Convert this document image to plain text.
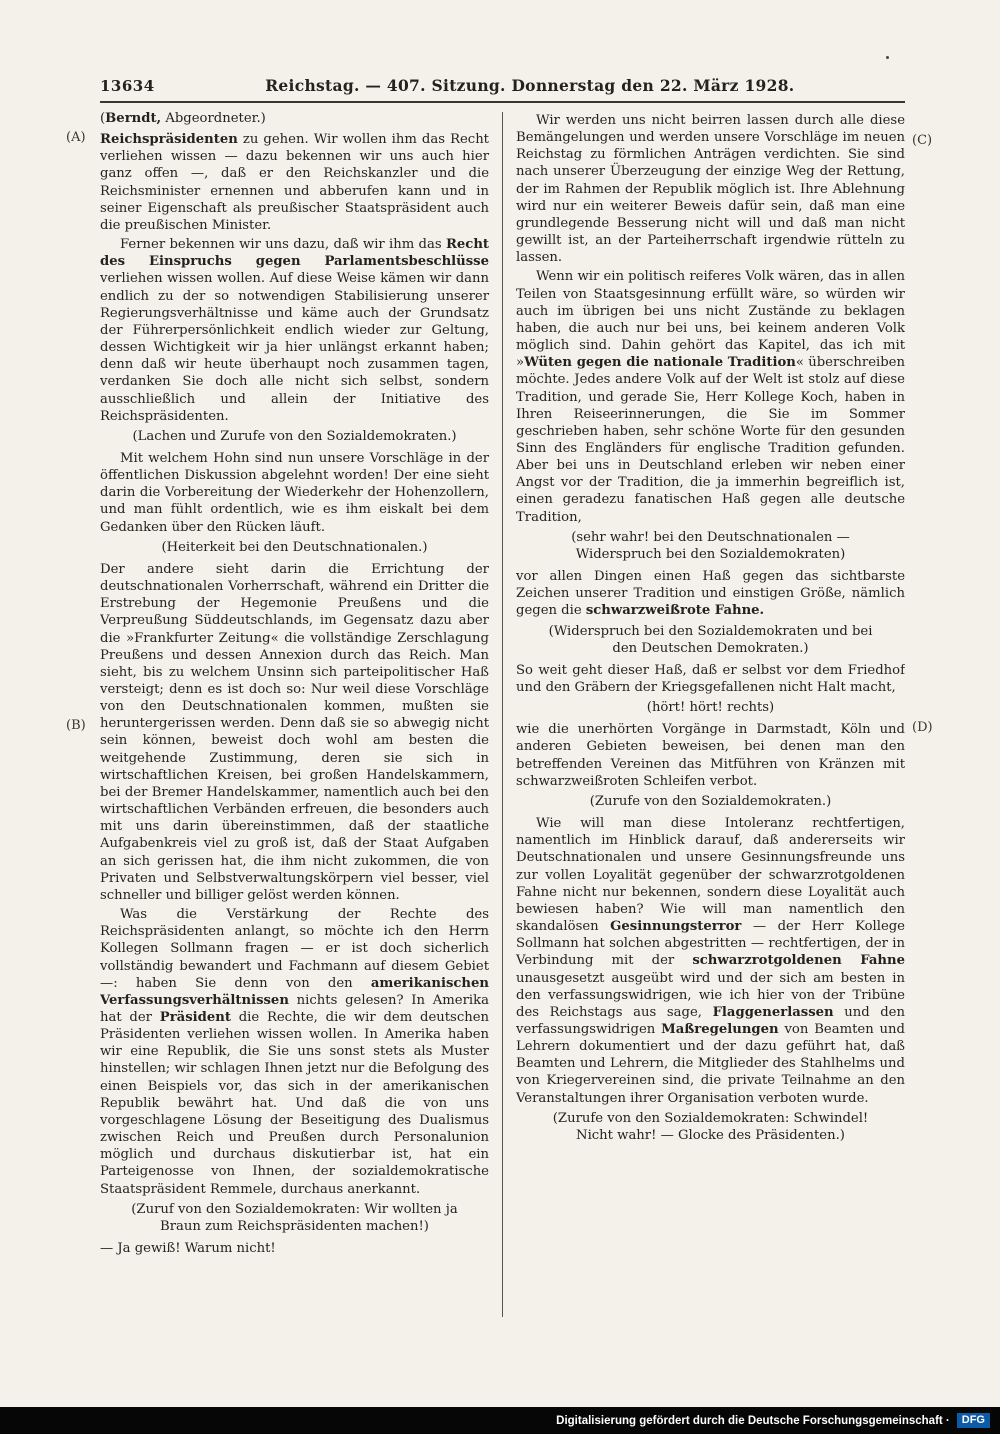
13634	Reichstag. — 407. Sitzung. Donnerstag den 22. März 1928.
(A)
(B)
(C)
(D)

(Berndt, Abgeordneter.)

Reichspräsidenten zu gehen. Wir wollen ihm das Recht verliehen wissen — dazu bekennen wir uns auch hier ganz offen —, daß er den Reichskanzler und die Reichsminister ernennen und abberufen kann und in seiner Eigenschaft als preußischer Staatspräsident auch die preußischen Minister.

Ferner bekennen wir uns dazu, daß wir ihm das Recht des Einspruchs gegen Parlamentsbeschlüsse verliehen wissen wollen. Auf diese Weise kämen wir dann endlich zu der so notwendigen Stabilisierung unserer Regierungsverhältnisse und käme auch der Grundsatz der Führerpersönlichkeit endlich wieder zur Geltung, dessen Wichtigkeit wir ja hier unlängst erkannt haben; denn daß wir heute überhaupt noch zusammen tagen, verdanken Sie doch alle nicht sich selbst, sondern ausschließlich und allein der Initiative des Reichspräsidenten.

(Lachen und Zurufe von den Sozialdemokraten.)

Mit welchem Hohn sind nun unsere Vorschläge in der öffentlichen Diskussion abgelehnt worden! Der eine sieht darin die Vorbereitung der Wiederkehr der Hohenzollern, und man fühlt ordentlich, wie es ihm eiskalt bei dem Gedanken über den Rücken läuft.

(Heiterkeit bei den Deutschnationalen.)

Der andere sieht darin die Errichtung der deutschnationalen Vorherrschaft, während ein Dritter die Erstrebung der Hegemonie Preußens und die Verpreußung Süddeutschlands, im Gegensatz dazu aber die »Frankfurter Zeitung« die vollständige Zerschlagung Preußens und dessen Annexion durch das Reich. Man sieht, bis zu welchem Unsinn sich parteipolitischer Haß versteigt; denn es ist doch so: Nur weil diese Vorschläge von den Deutschnationalen kommen, mußten sie heruntergerissen werden. Denn daß sie so abwegig nicht sein können, beweist doch wohl am besten die weitgehende Zustimmung, deren sie sich in wirtschaftlichen Kreisen, bei großen Handelskammern, bei der Bremer Handelskammer, namentlich auch bei den wirtschaftlichen Verbänden erfreuen, die besonders auch mit uns darin übereinstimmen, daß der staatliche Aufgabenkreis viel zu groß ist, daß der Staat Aufgaben an sich gerissen hat, die ihm nicht zukommen, die von Privaten und Selbstverwaltungskörpern viel besser, viel schneller und billiger gelöst werden können.

Was die Verstärkung der Rechte des Reichspräsidenten anlangt, so möchte ich den Herrn Kollegen Sollmann fragen — er ist doch sicherlich vollständig bewandert und Fachmann auf diesem Gebiet —: haben Sie denn von den amerikanischen Verfassungsverhältnissen nichts gelesen? In Amerika hat der Präsident die Rechte, die wir dem deutschen Präsidenten verliehen wissen wollen. In Amerika haben wir eine Republik, die Sie uns sonst stets als Muster hinstellen; wir schlagen Ihnen jetzt nur die Befolgung des einen Beispiels vor, das sich in der amerikanischen Republik bewährt hat. Und daß die von uns vorgeschlagene Lösung der Beseitigung des Dualismus zwischen Reich und Preußen durch Personalunion möglich und durchaus diskutierbar ist, hat ein Parteigenosse von Ihnen, der sozialdemokratische Staatspräsident Remmele, durchaus anerkannt.

(Zuruf von den Sozialdemokraten: Wir wollten ja Braun zum Reichspräsidenten machen!)

— Ja gewiß! Warum nicht!

Wir werden uns nicht beirren lassen durch alle diese Bemängelungen und werden unsere Vorschläge im neuen Reichstag zu förmlichen Anträgen verdichten. Sie sind nach unserer Überzeugung der einzige Weg der Rettung, der im Rahmen der Republik möglich ist. Ihre Ablehnung wird nur ein weiterer Beweis dafür sein, daß man eine grundlegende Besserung nicht will und daß man nicht gewillt ist, an der Parteiherrschaft irgendwie rütteln zu lassen.

Wenn wir ein politisch reiferes Volk wären, das in allen Teilen von Staatsgesinnung erfüllt wäre, so würden wir auch im übrigen bei uns nicht Zustände zu beklagen haben, die auch nur bei uns, bei keinem anderen Volk möglich sind. Dahin gehört das Kapitel, das ich mit »Wüten gegen die nationale Tradition« überschreiben möchte. Jedes andere Volk auf der Welt ist stolz auf diese Tradition, und gerade Sie, Herr Kollege Koch, haben in Ihren Reiseerinnerungen, die Sie im Sommer geschrieben haben, sehr schöne Worte für den gesunden Sinn des Engländers für englische Tradition gefunden. Aber bei uns in Deutschland erleben wir neben einer Angst vor der Tradition, die ja immerhin begreiflich ist, einen geradezu fanatischen Haß gegen alle deutsche Tradition,

(sehr wahr! bei den Deutschnationalen — Widerspruch bei den Sozialdemokraten)

vor allen Dingen einen Haß gegen das sichtbarste Zeichen unserer Tradition und einstigen Größe, nämlich gegen die schwarzweißrote Fahne.

(Widerspruch bei den Sozialdemokraten und bei den Deutschen Demokraten.)

So weit geht dieser Haß, daß er selbst vor dem Friedhof und den Gräbern der Kriegsgefallenen nicht Halt macht,

(hört! hört! rechts)

wie die unerhörten Vorgänge in Darmstadt, Köln und anderen Gebieten beweisen, bei denen man den betreffenden Vereinen das Mitführen von Kränzen mit schwarzweißroten Schleifen verbot.

(Zurufe von den Sozialdemokraten.)

Wie will man diese Intoleranz rechtfertigen, namentlich im Hinblick darauf, daß andererseits wir Deutschnationalen und unsere Gesinnungsfreunde uns zur vollen Loyalität gegenüber der schwarzrotgoldenen Fahne nicht nur bekennen, sondern diese Loyalität auch bewiesen haben? Wie will man namentlich den skandalösen Gesinnungsterror — der Herr Kollege Sollmann hat solchen abgestritten — rechtfertigen, der in Verbindung mit der schwarzrotgoldenen Fahne unausgesetzt ausgeübt wird und der sich am besten in den verfassungswidrigen, wie ich hier von der Tribüne des Reichstags aus sage, Flaggenerlassen und den verfassungswidrigen Maßregelungen von Beamten und Lehrern dokumentiert und der dazu geführt hat, daß Beamten und Lehrern, die Mitglieder des Stahlhelms und von Kriegervereinen sind, die private Teilnahme an den Veranstaltungen ihrer Organisation verboten wurde.

(Zurufe von den Sozialdemokraten: Schwindel! Nicht wahr! — Glocke des Präsidenten.)

Digitalisierung gefördert durch die Deutsche Forschungsgemeinschaft ·	DFG
